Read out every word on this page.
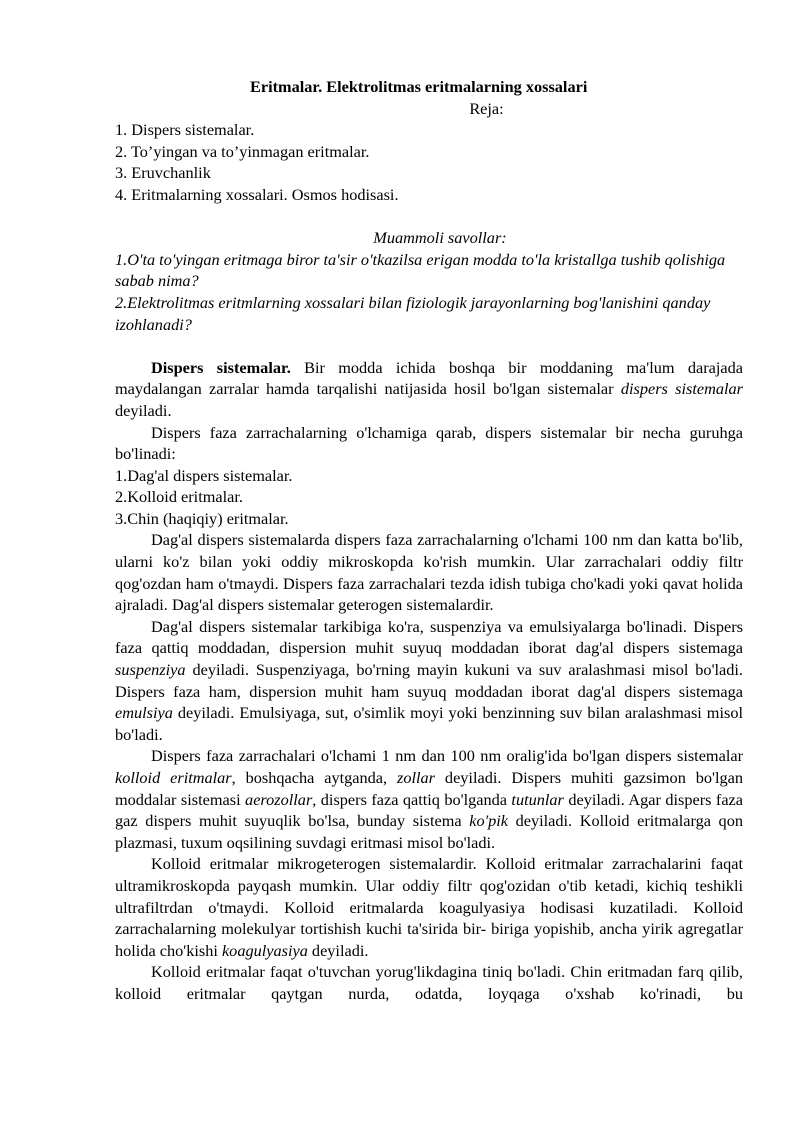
Eritmalar. Elektrolitmas eritmalarning xossalari
Reja:
1. Dispers sistemalar.
2. To’yingan va to’yinmagan eritmalar.
3. Eruvchanlik
4. Eritmalarning xossalari. Osmos hodisasi.
Muammoli savollar:
1.O'ta to'yingan eritmaga biror ta'sir o'tkazilsa erigan modda to'la kristallga tushib qolishiga sabab nima?
2.Elektrolitmas eritmlarning xossalari bilan fiziologik jarayonlarning bog'lanishini qanday izohlanadi?

Dispers sistemalar. Bir modda ichida boshqa bir moddaning ma'lum darajada maydalangan zarralar hamda tarqalishi natijasida hosil bo'lgan sistemalar dispers sistemalar deyiladi.

Dispers faza zarrachalarning o'lchamiga qarab, dispers sistemalar bir necha guruhga bo'linadi:

1.Dag'al dispers sistemalar.
2.Kolloid eritmalar.
3.Chin (haqiqiy) eritmalar.

Dag'al dispers sistemalarda dispers faza zarrachalarning o'lchami 100 nm dan katta bo'lib, ularni ko'z bilan yoki oddiy mikroskopda ko'rish mumkin. Ular zarrachalari oddiy filtr qog'ozdan ham o'tmaydi. Dispers faza zarrachalari tezda idish tubiga cho'kadi yoki qavat holida ajraladi. Dag'al dispers sistemalar geterogen sistemalardir.

Dag'al dispers sistemalar tarkibiga ko'ra, suspenziya va emulsiyalarga bo'linadi. Dispers faza qattiq moddadan, dispersion muhit suyuq moddadan iborat dag'al dispers sistemaga suspenziya deyiladi. Suspenziyaga, bo'rning mayin kukuni va suv aralashmasi misol bo'ladi. Dispers faza ham, dispersion muhit ham suyuq moddadan iborat dag'al dispers sistemaga emulsiya deyiladi. Emulsiyaga, sut, o'simlik moyi yoki benzinning suv bilan aralashmasi misol bo'ladi.

Dispers faza zarrachalari o'lchami 1 nm dan 100 nm oralig'ida bo'lgan dispers sistemalar kolloid eritmalar, boshqacha aytganda, zollar deyiladi. Dispers muhiti gazsimon bo'lgan moddalar sistemasi aerozollar, dispers faza qattiq bo'lganda tutunlar deyiladi. Agar dispers faza gaz dispers muhit suyuqlik bo'lsa, bunday sistema ko'pik deyiladi. Kolloid eritmalarga qon plazmasi, tuxum oqsilining suvdagi eritmasi misol bo'ladi.

Kolloid eritmalar mikrogeterogen sistemalardir. Kolloid eritmalar zarrachalarini faqat ultramikroskopda payqash mumkin. Ular oddiy filtr qog'ozidan o'tib ketadi, kichiq teshikli ultrafiltrdan o'tmaydi. Kolloid eritmalarda koagulyasiya hodisasi kuzatiladi. Kolloid zarrachalarning molekulyar tortishish kuchi ta'sirida bir- biriga yopishib, ancha yirik agregatlar holida cho'kishi koagulyasiya deyiladi.

Kolloid eritmalar faqat o'tuvchan yorug'likdagina tiniq bo'ladi. Chin eritmadan farq qilib, kolloid eritmalar qaytgan nurda, odatda, loyqaga o'xshab ko'rinadi, bu
